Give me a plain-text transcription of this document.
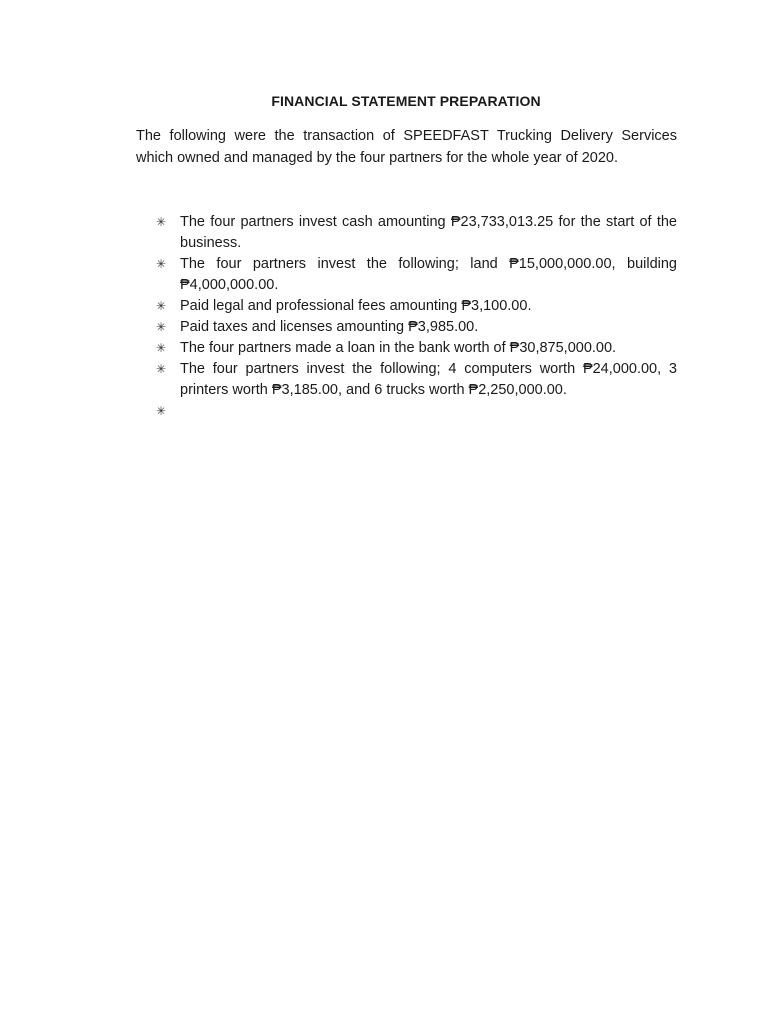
FINANCIAL STATEMENT PREPARATION

The following were the transaction of SPEEDFAST Trucking Delivery Services which owned and managed by the four partners for the whole year of 2020.

✳ The four partners invest cash amounting ₱23,733,013.25 for the start of the business.
✳ The four partners invest the following; land ₱15,000,000.00, building ₱4,000,000.00.
✳ Paid legal and professional fees amounting ₱3,100.00.
✳ Paid taxes and licenses amounting ₱3,985.00.
✳ The four partners made a loan in the bank worth of ₱30,875,000.00.
✳ The four partners invest the following; 4 computers worth ₱24,000.00, 3 printers worth ₱3,185.00, and 6 trucks worth ₱2,250,000.00.
✳
